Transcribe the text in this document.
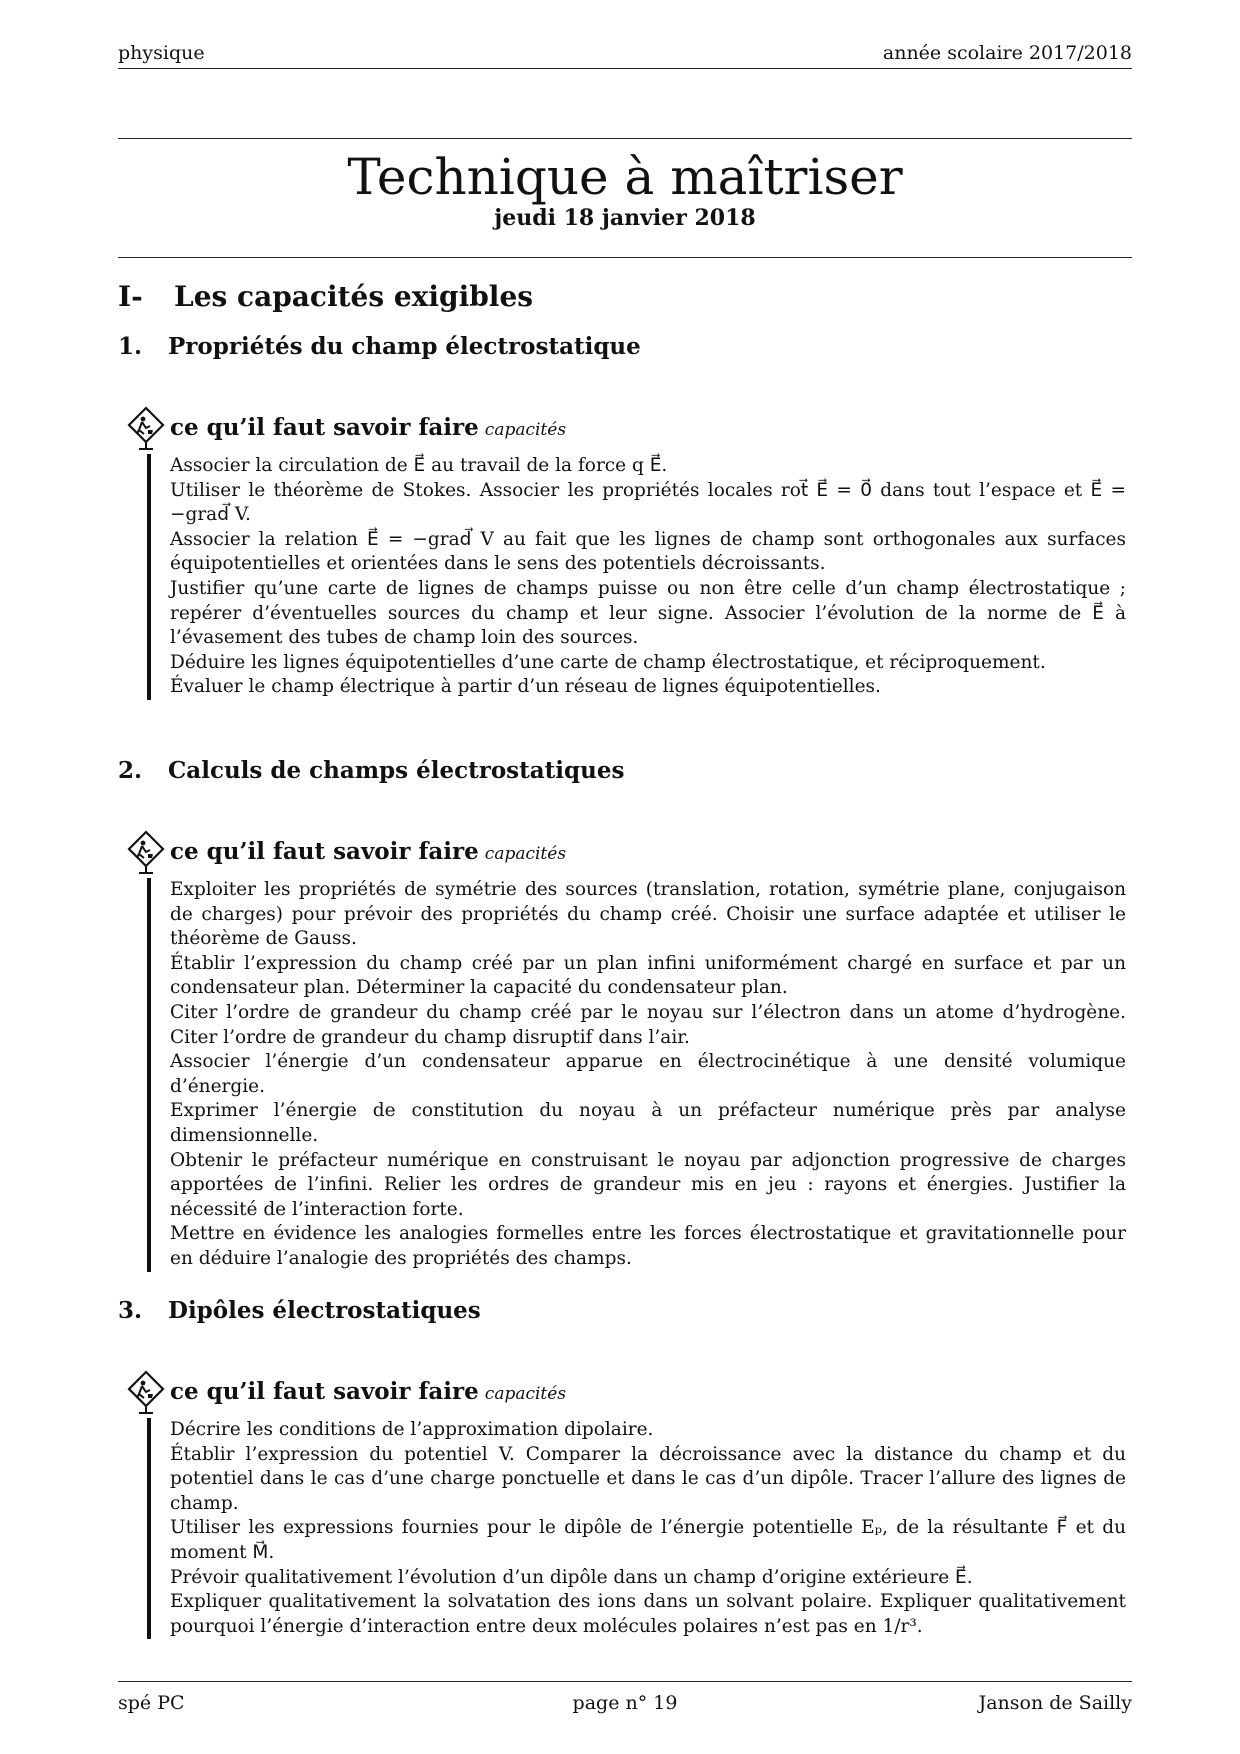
physique	année scolaire 2017/2018
Technique à maîtriser
jeudi 18 janvier 2018
I- Les capacités exigibles
1. Propriétés du champ électrostatique
ce qu’il faut savoir faire capacités

Associer la circulation de E⃗ au travail de la force q E⃗.

Utiliser le théorème de Stokes. Associer les propriétés locales rot⃗ E⃗ = 0⃗ dans tout l’espace et E⃗ = −grad⃗ V.

Associer la relation E⃗ = −grad⃗ V au fait que les lignes de champ sont orthogonales aux surfaces équipotentielles et orientées dans le sens des potentiels décroissants.

Justifier qu’une carte de lignes de champs puisse ou non être celle d’un champ électrostatique ; repérer d’éventuelles sources du champ et leur signe. Associer l’évolution de la norme de E⃗ à l’évasement des tubes de champ loin des sources.

Déduire les lignes équipotentielles d’une carte de champ électrostatique, et réciproquement.

Évaluer le champ électrique à partir d’un réseau de lignes équipotentielles.

2. Calculs de champs électrostatiques
ce qu’il faut savoir faire capacités

Exploiter les propriétés de symétrie des sources (translation, rotation, symétrie plane, conjugaison de charges) pour prévoir des propriétés du champ créé. Choisir une surface adaptée et utiliser le théorème de Gauss.

Établir l’expression du champ créé par un plan infini uniformément chargé en surface et par un condensateur plan. Déterminer la capacité du condensateur plan.

Citer l’ordre de grandeur du champ créé par le noyau sur l’électron dans un atome d’hydrogène. Citer l’ordre de grandeur du champ disruptif dans l’air.

Associer l’énergie d’un condensateur apparue en électrocinétique à une densité volumique d’énergie.

Exprimer l’énergie de constitution du noyau à un préfacteur numérique près par analyse dimensionnelle.

Obtenir le préfacteur numérique en construisant le noyau par adjonction progressive de charges apportées de l’infini. Relier les ordres de grandeur mis en jeu : rayons et énergies. Justifier la nécessité de l’interaction forte.

Mettre en évidence les analogies formelles entre les forces électrostatique et gravitationnelle pour en déduire l’analogie des propriétés des champs.

3. Dipôles électrostatiques
ce qu’il faut savoir faire capacités

Décrire les conditions de l’approximation dipolaire.

Établir l’expression du potentiel V. Comparer la décroissance avec la distance du champ et du potentiel dans le cas d’une charge ponctuelle et dans le cas d’un dipôle. Tracer l’allure des lignes de champ.

Utiliser les expressions fournies pour le dipôle de l’énergie potentielle Eₚ, de la résultante F⃗ et du moment M⃗.

Prévoir qualitativement l’évolution d’un dipôle dans un champ d’origine extérieure E⃗.

Expliquer qualitativement la solvatation des ions dans un solvant polaire. Expliquer qualitativement pourquoi l’énergie d’interaction entre deux molécules polaires n’est pas en 1/r³.

spé PC	page n° 19	Janson de Sailly
